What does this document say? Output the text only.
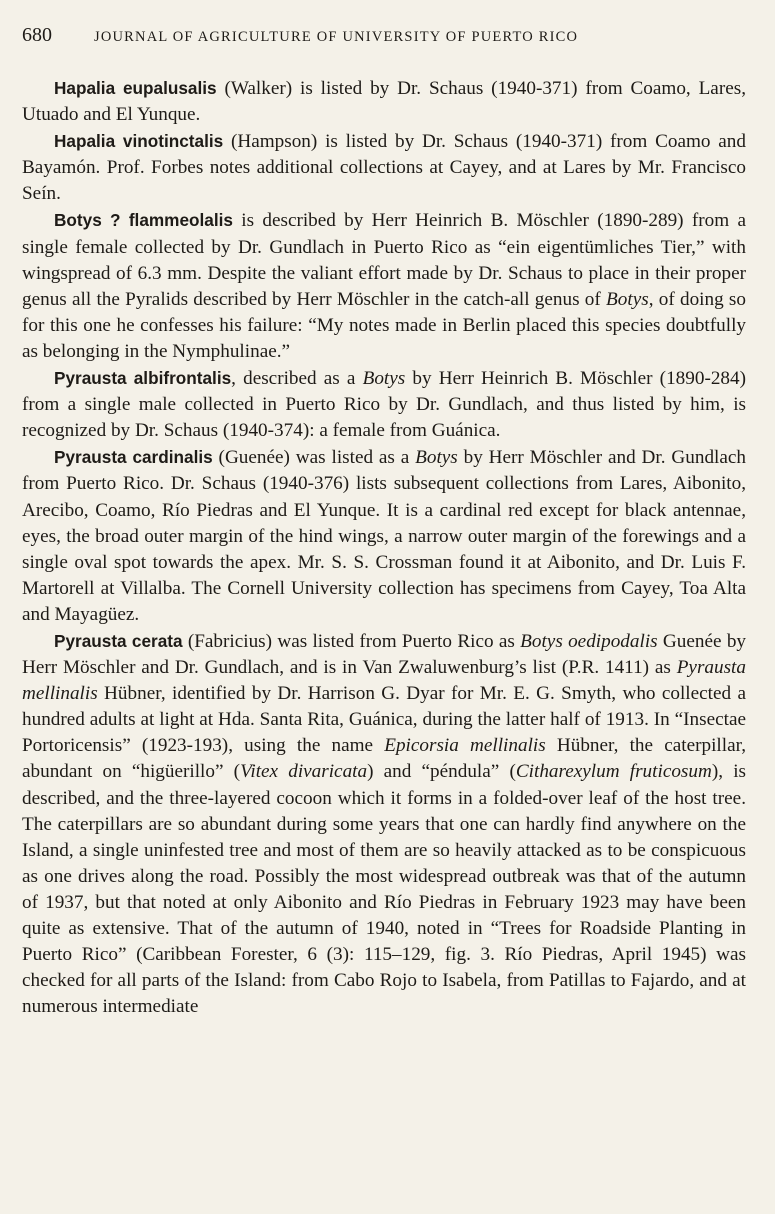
680	JOURNAL OF AGRICULTURE OF UNIVERSITY OF PUERTO RICO

Hapalia eupalusalis (Walker) is listed by Dr. Schaus (1940-371) from Coamo, Lares, Utuado and El Yunque.

Hapalia vinotinctalis (Hampson) is listed by Dr. Schaus (1940-371) from Coamo and Bayamón. Prof. Forbes notes additional collections at Cayey, and at Lares by Mr. Francisco Seín.

Botys ? flammeolalis is described by Herr Heinrich B. Möschler (1890-289) from a single female collected by Dr. Gundlach in Puerto Rico as “ein eigentümliches Tier,” with wingspread of 6.3 mm. Despite the valiant effort made by Dr. Schaus to place in their proper genus all the Pyralids described by Herr Möschler in the catch-all genus of Botys, of doing so for this one he confesses his failure: “My notes made in Berlin placed this species doubtfully as belonging in the Nymphulinae.”

Pyrausta albifrontalis, described as a Botys by Herr Heinrich B. Möschler (1890-284) from a single male collected in Puerto Rico by Dr. Gundlach, and thus listed by him, is recognized by Dr. Schaus (1940-374): a female from Guánica.

Pyrausta cardinalis (Guenée) was listed as a Botys by Herr Möschler and Dr. Gundlach from Puerto Rico. Dr. Schaus (1940-376) lists subsequent collections from Lares, Aibonito, Arecibo, Coamo, Río Piedras and El Yunque. It is a cardinal red except for black antennae, eyes, the broad outer margin of the hind wings, a narrow outer margin of the forewings and a single oval spot towards the apex. Mr. S. S. Crossman found it at Aibonito, and Dr. Luis F. Martorell at Villalba. The Cornell University collection has specimens from Cayey, Toa Alta and Mayagüez.

Pyrausta cerata (Fabricius) was listed from Puerto Rico as Botys oedipodalis Guenée by Herr Möschler and Dr. Gundlach, and is in Van Zwaluwenburg’s list (P.R. 1411) as Pyrausta mellinalis Hübner, identified by Dr. Harrison G. Dyar for Mr. E. G. Smyth, who collected a hundred adults at light at Hda. Santa Rita, Guánica, during the latter half of 1913. In “Insectae Portoricensis” (1923-193), using the name Epicorsia mellinalis Hübner, the caterpillar, abundant on “higüerillo” (Vitex divaricata) and “péndula” (Citharexylum fruticosum), is described, and the three-layered cocoon which it forms in a folded-over leaf of the host tree. The caterpillars are so abundant during some years that one can hardly find anywhere on the Island, a single uninfested tree and most of them are so heavily attacked as to be conspicuous as one drives along the road. Possibly the most widespread outbreak was that of the autumn of 1937, but that noted at only Aibonito and Río Piedras in February 1923 may have been quite as extensive. That of the autumn of 1940, noted in “Trees for Roadside Planting in Puerto Rico” (Caribbean Forester, 6 (3): 115–129, fig. 3. Río Piedras, April 1945) was checked for all parts of the Island: from Cabo Rojo to Isabela, from Patillas to Fajardo, and at numerous intermediate
